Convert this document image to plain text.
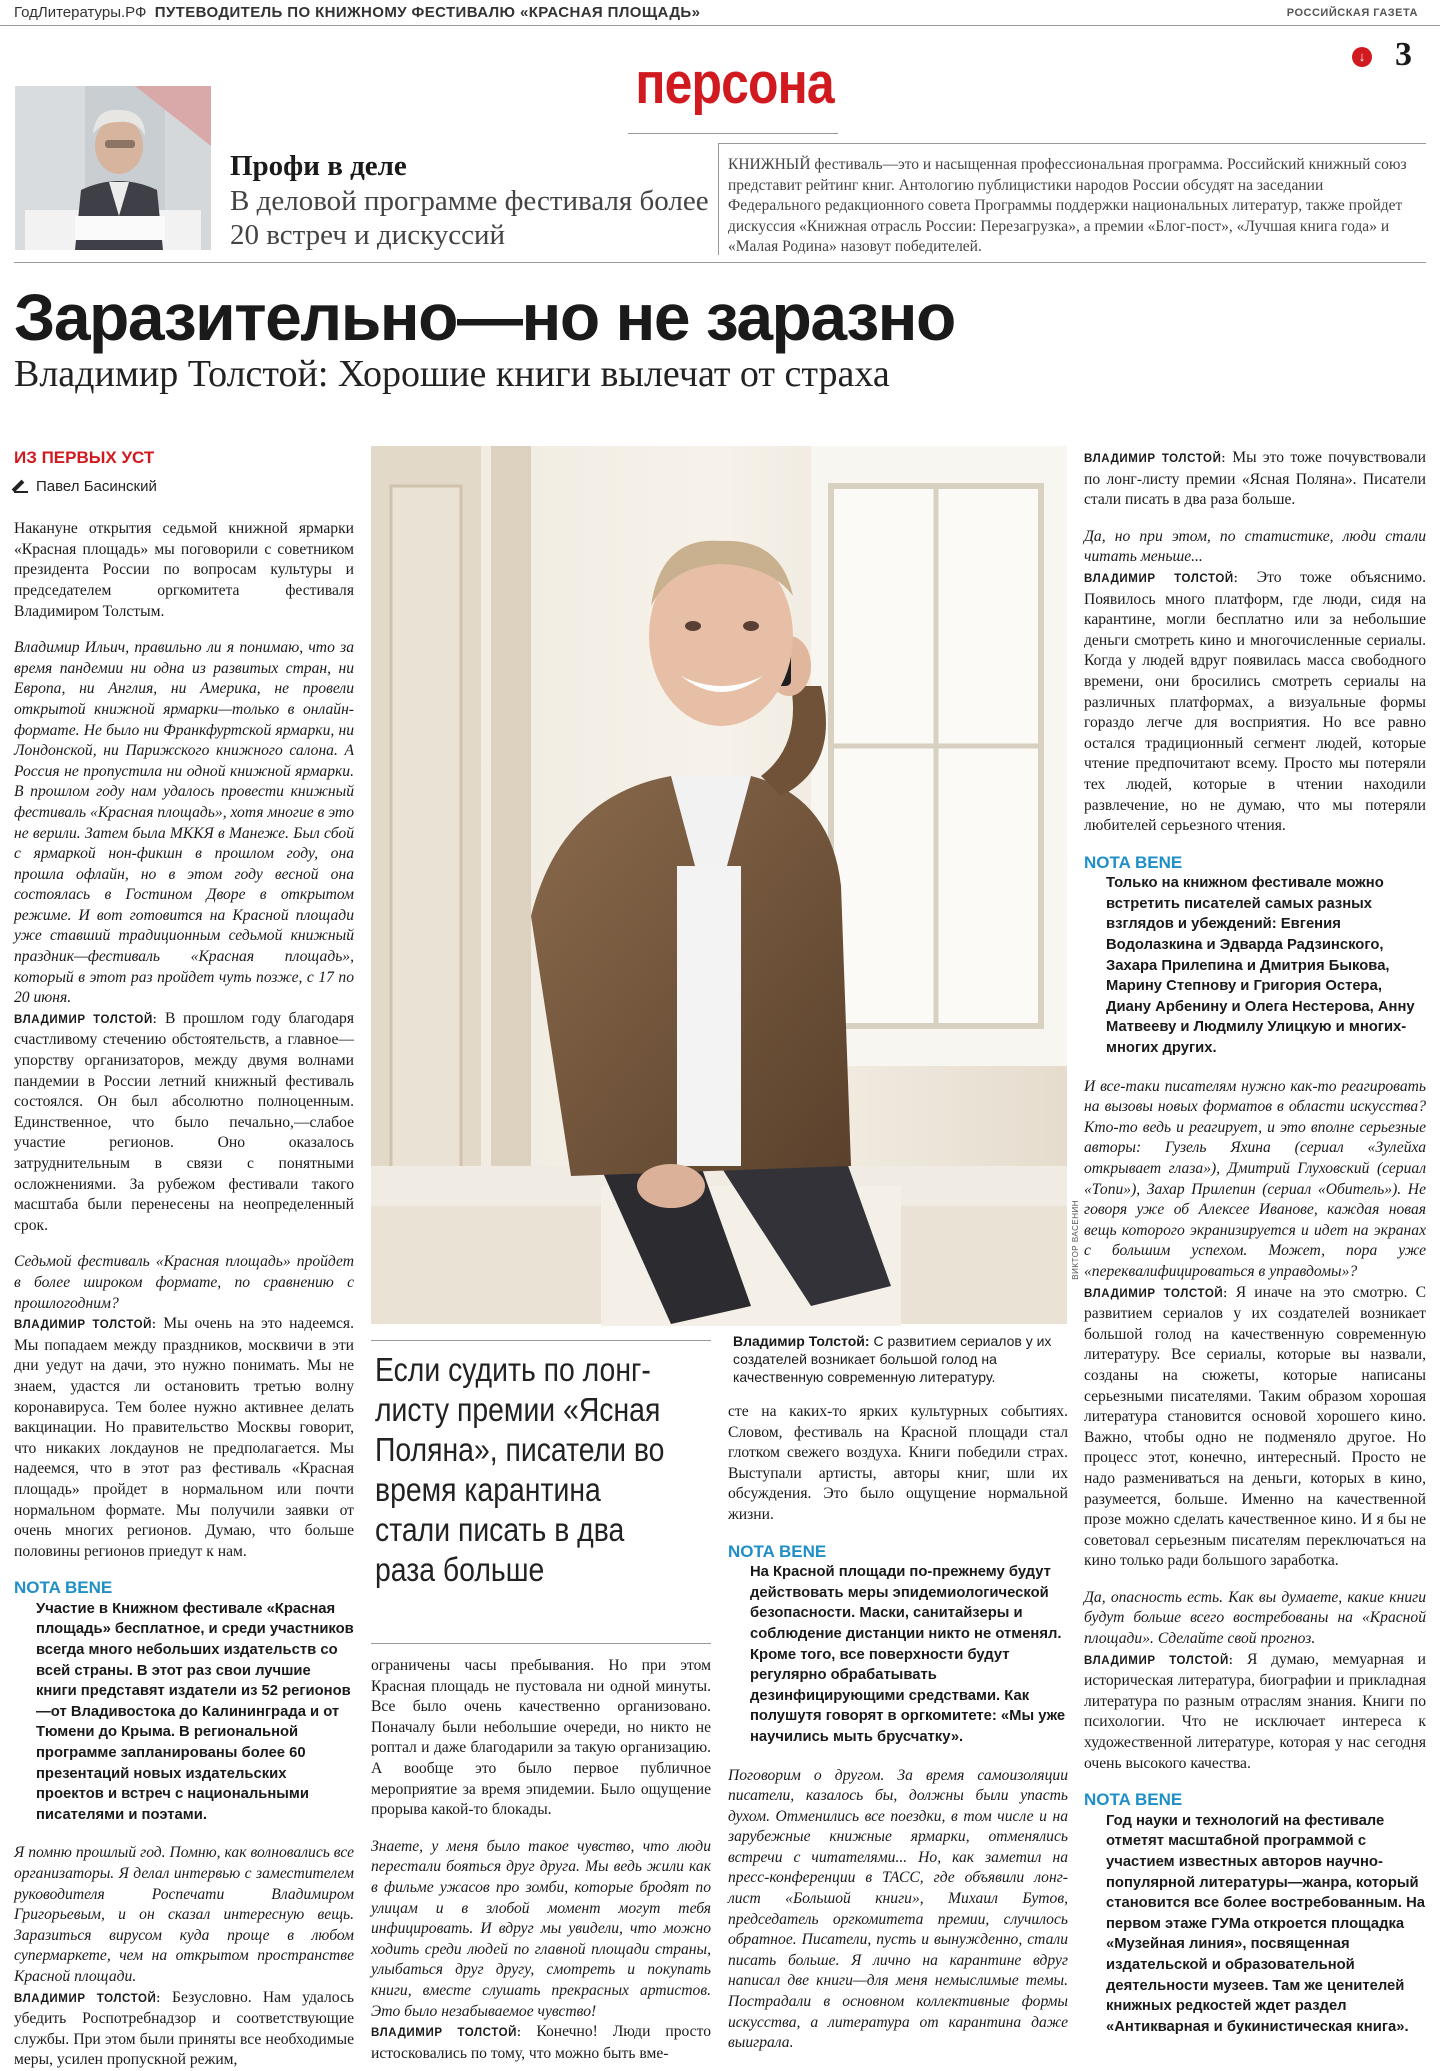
ГодЛитературы.РФ ПУТЕВОДИТЕЛЬ ПО КНИЖНОМУ ФЕСТИВАЛЮ «КРАСНАЯ ПЛОЩАДЬ»	РОССИЙСКАЯ ГАЗЕТА
персона	↓ 3
Профи в деле
В деловой программе фестиваля более 20 встреч и дискуссий
КНИЖНЫЙ фестиваль—это и насыщенная профессиональная программа. Российский книжный союз представит рейтинг книг. Антологию публицистики народов России обсудят на заседании Федерального редакционного совета Программы поддержки национальных литератур, также пройдет дискуссия «Книжная отрасль России: Перезагрузка», а премии «Блог-пост», «Лучшая книга года» и «Малая Родина» назовут победителей.
Заразительно—но не заразно
Владимир Толстой: Хорошие книги вылечат от страха
ИЗ ПЕРВЫХ УСТ
Павел Басинский

Накануне открытия седьмой книжной ярмарки «Красная площадь» мы поговорили с советником президента России по вопросам культуры и председателем оргкомитета фестиваля Владимиром Толстым.

Владимир Ильич, правильно ли я понимаю, что за время пандемии ни одна из развитых стран, ни Европа, ни Англия, ни Америка, не провели открытой книжной ярмарки—только в онлайн-формате. Не было ни Франкфуртской ярмарки, ни Лондонской, ни Парижского книжного салона. А Россия не пропустила ни одной книжной ярмарки. В прошлом году нам удалось провести книжный фестиваль «Красная площадь», хотя многие в это не верили. Затем была МККЯ в Манеже. Был сбой с ярмаркой нон-фикшн в прошлом году, она прошла офлайн, но в этом году весной она состоялась в Гостином Дворе в открытом режиме. И вот готовится на Красной площади уже ставший традиционным седьмой книжный праздник—фестиваль «Красная площадь», который в этот раз пройдет чуть позже, с 17 по 20 июня.

ВЛАДИМИР ТОЛСТОЙ: В прошлом году благодаря счастливому стечению обстоятельств, а главное—упорству организаторов, между двумя волнами пандемии в России летний книжный фестиваль состоялся. Он был абсолютно полноценным. Единственное, что было печально,—слабое участие регионов. Оно оказалось затруднительным в связи с понятными осложнениями. За рубежом фестивали такого масштаба были перенесены на неопределенный срок.

Седьмой фестиваль «Красная площадь» пройдет в более широком формате, по сравнению с прошлогодним?

ВЛАДИМИР ТОЛСТОЙ: Мы очень на это надеемся. Мы попадаем между праздников, москвичи в эти дни уедут на дачи, это нужно понимать. Мы не знаем, удастся ли остановить третью волну коронавируса. Тем более нужно активнее делать вакцинации. Но правительство Москвы говорит, что никаких локдаунов не предполагается. Мы надеемся, что в этот раз фестиваль «Красная площадь» пройдет в нормальном или почти нормальном формате. Мы получили заявки от очень многих регионов. Думаю, что больше половины регионов приедут к нам.

NOTA BENE
Участие в Книжном фестивале «Красная площадь» бесплатное, и среди участников всегда много небольших издательств со всей страны. В этот раз свои лучшие книги представят издатели из 52 регионов—от Владивостока до Калининграда и от Тюмени до Крыма. В региональной программе запланированы более 60 презентаций новых издательских проектов и встреч с национальными писателями и поэтами.

Я помню прошлый год. Помню, как волновались все организаторы. Я делал интервью с заместителем руководителя Роспечати Владимиром Григорьевым, и он сказал интересную вещь. Заразиться вирусом куда проще в любом супермаркете, чем на открытом пространстве Красной площади.

ВЛАДИМИР ТОЛСТОЙ: Безусловно. Нам удалось убедить Роспотребнадзор и соответствующие службы. При этом были приняты все необходимые меры, усилен пропускной режим,

ВИКТОР ВАСЕНИН
Владимир Толстой: С развитием сериалов у их создателей возникает большой голод на качественную современную литературу.
Если судить по лонг-листу премии «Ясная Поляна», писатели во время карантина стали писать в два раза больше

ограничены часы пребывания. Но при этом Красная площадь не пустовала ни одной минуты. Все было очень качественно организовано. Поначалу были небольшие очереди, но никто не роптал и даже благодарили за такую организацию. А вообще это было первое публичное мероприятие за время эпидемии. Было ощущение прорыва какой-то блокады.

Знаете, у меня было такое чувство, что люди перестали бояться друг друга. Мы ведь жили как в фильме ужасов про зомби, которые бродят по улицам и в злобой момент могут тебя инфицировать. И вдруг мы увидели, что можно ходить среди людей по главной площади страны, улыбаться друг другу, смотреть и покупать книги, вместе слушать прекрасных артистов. Это было незабываемое чувство!

ВЛАДИМИР ТОЛСТОЙ: Конечно! Люди просто истосковались по тому, что можно быть вме-

сте на каких-то ярких культурных событиях. Словом, фестиваль на Красной площади стал глотком свежего воздуха. Книги победили страх. Выступали артисты, авторы книг, шли их обсуждения. Это было ощущение нормальной жизни.

NOTA BENE
На Красной площади по-прежнему будут действовать меры эпидемиологической безопасности. Маски, санитайзеры и соблюдение дистанции никто не отменял. Кроме того, все поверхности будут регулярно обрабатывать дезинфицирующими средствами. Как полушутя говорят в оргкомитете: «Мы уже научились мыть брусчатку».

Поговорим о другом. За время самоизоляции писатели, казалось бы, должны были упасть духом. Отменились все поездки, в том числе и на зарубежные книжные ярмарки, отменялись встречи с читателями... Но, как заметил на пресс-конференции в ТАСС, где объявили лонг-лист «Большой книги», Михаил Бутов, председатель оргкомитета премии, случилось обратное. Писатели, пусть и вынужденно, стали писать больше. Я лично на карантине вдруг написал две книги—для меня немыслимые темы. Пострадали в основном коллективные формы искусства, а литература от карантина даже выиграла.

ВЛАДИМИР ТОЛСТОЙ: Мы это тоже почувствовали по лонг-листу премии «Ясная Поляна». Писатели стали писать в два раза больше.

Да, но при этом, по статистике, люди стали читать меньше...

ВЛАДИМИР ТОЛСТОЙ: Это тоже объяснимо. Появилось много платформ, где люди, сидя на карантине, могли бесплатно или за небольшие деньги смотреть кино и многочисленные сериалы. Когда у людей вдруг появилась масса свободного времени, они бросились смотреть сериалы на различных платформах, а визуальные формы гораздо легче для восприятия. Но все равно остался традиционный сегмент людей, которые чтение предпочитают всему. Просто мы потеряли тех людей, которые в чтении находили развлечение, но не думаю, что мы потеряли любителей серьезного чтения.

NOTA BENE
Только на книжном фестивале можно встретить писателей самых разных взглядов и убеждений: Евгения Водолазкина и Эдварда Радзинского, Захара Прилепина и Дмитрия Быкова, Марину Степнову и Григория Остера, Диану Арбенину и Олега Нестерова, Анну Матвееву и Людмилу Улицкую и многих-многих других.

И все-таки писателям нужно как-то реагировать на вызовы новых форматов в области искусства? Кто-то ведь и реагирует, и это вполне серьезные авторы: Гузель Яхина (сериал «Зулейха открывает глаза»), Дмитрий Глуховский (сериал «Топи»), Захар Прилепин (сериал «Обитель»). Не говоря уже об Алексее Иванове, каждая новая вещь которого экранизируется и идет на экранах с большим успехом. Может, пора уже «переквалифицироваться в управдомы»?

ВЛАДИМИР ТОЛСТОЙ: Я иначе на это смотрю. С развитием сериалов у их создателей возникает большой голод на качественную современную литературу. Все сериалы, которые вы назвали, созданы на сюжеты, которые написаны серьезными писателями. Таким образом хорошая литература становится основой хорошего кино. Важно, чтобы одно не подменяло другое. Но процесс этот, конечно, интересный. Просто не надо размениваться на деньги, которых в кино, разумеется, больше. Именно на качественной прозе можно сделать качественное кино. И я бы не советовал серьезным писателям переключаться на кино только ради большого заработка.

Да, опасность есть. Как вы думаете, какие книги будут больше всего востребованы на «Красной площади». Сделайте свой прогноз.

ВЛАДИМИР ТОЛСТОЙ: Я думаю, мемуарная и историческая литература, биографии и прикладная литература по разным отраслям знания. Книги по психологии. Что не исключает интереса к художественной литературе, которая у нас сегодня очень высокого качества.

NOTA BENE
Год науки и технологий на фестивале отметят масштабной программой с участием известных авторов научно-популярной литературы—жанра, который становится все более востребованным. На первом этаже ГУМа откроется площадка «Музейная линия», посвященная издательской и образовательной деятельности музеев. Там же ценителей книжных редкостей ждет раздел «Антикварная и букинистическая книга».
